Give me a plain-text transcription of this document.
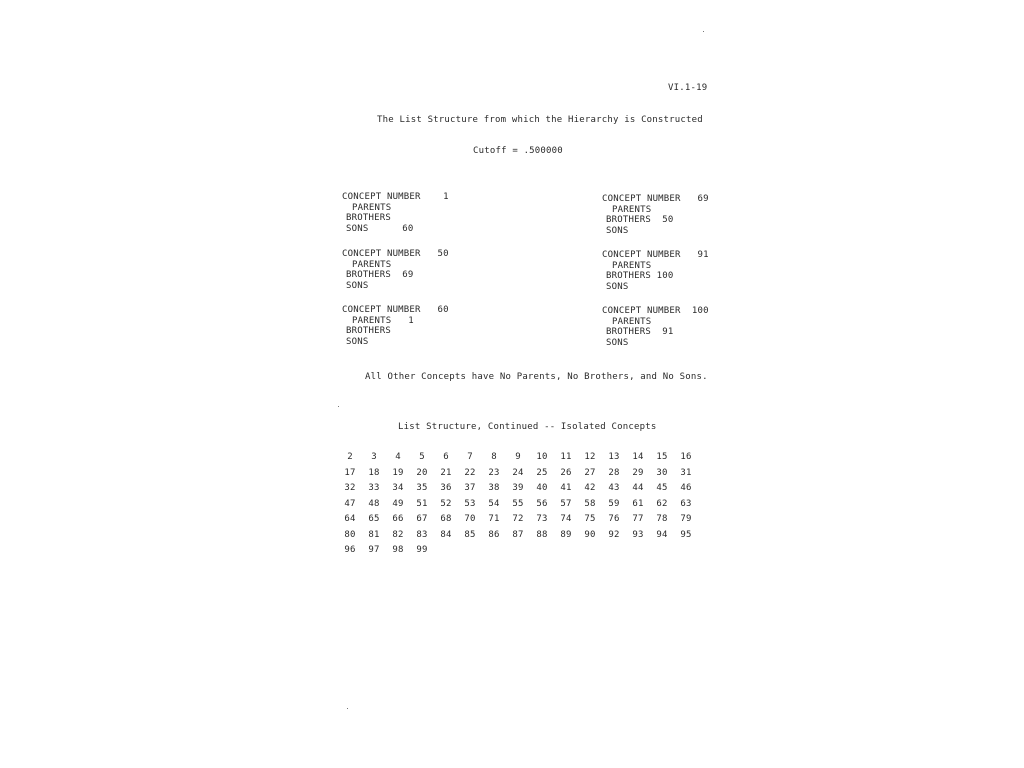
VI.1-19
The List Structure from which the Hierarchy is Constructed
Cutoff = .500000
CONCEPT NUMBER 1
PARENTS
BROTHERS
SONS	60
CONCEPT NUMBER 50
PARENTS
BROTHERS 69
SONS
CONCEPT NUMBER 60
PARENTS 1
BROTHERS
SONS
CONCEPT NUMBER 69
PARENTS
BROTHERS 50
SONS
CONCEPT NUMBER 91
PARENTS
BROTHERS 100
SONS
CONCEPT NUMBER 100
PARENTS
BROTHERS 91
SONS
All Other Concepts have No Parents, No Brothers, and No Sons.
List Structure, Continued -- Isolated Concepts
2	3	4	5	6	7	8	9	10	11	12	13	14	15	16
17	18	19	20	21	22	23	24	25	26	27	28	29	30	31
32	33	34	35	36	37	38	39	40	41	42	43	44	45	46
47	48	49	51	52	53	54	55	56	57	58	59	61	62	63
64	65	66	67	68	70	71	72	73	74	75	76	77	78	79
80	81	82	83	84	85	86	87	88	89	90	92	93	94	95
96	97	98	99
